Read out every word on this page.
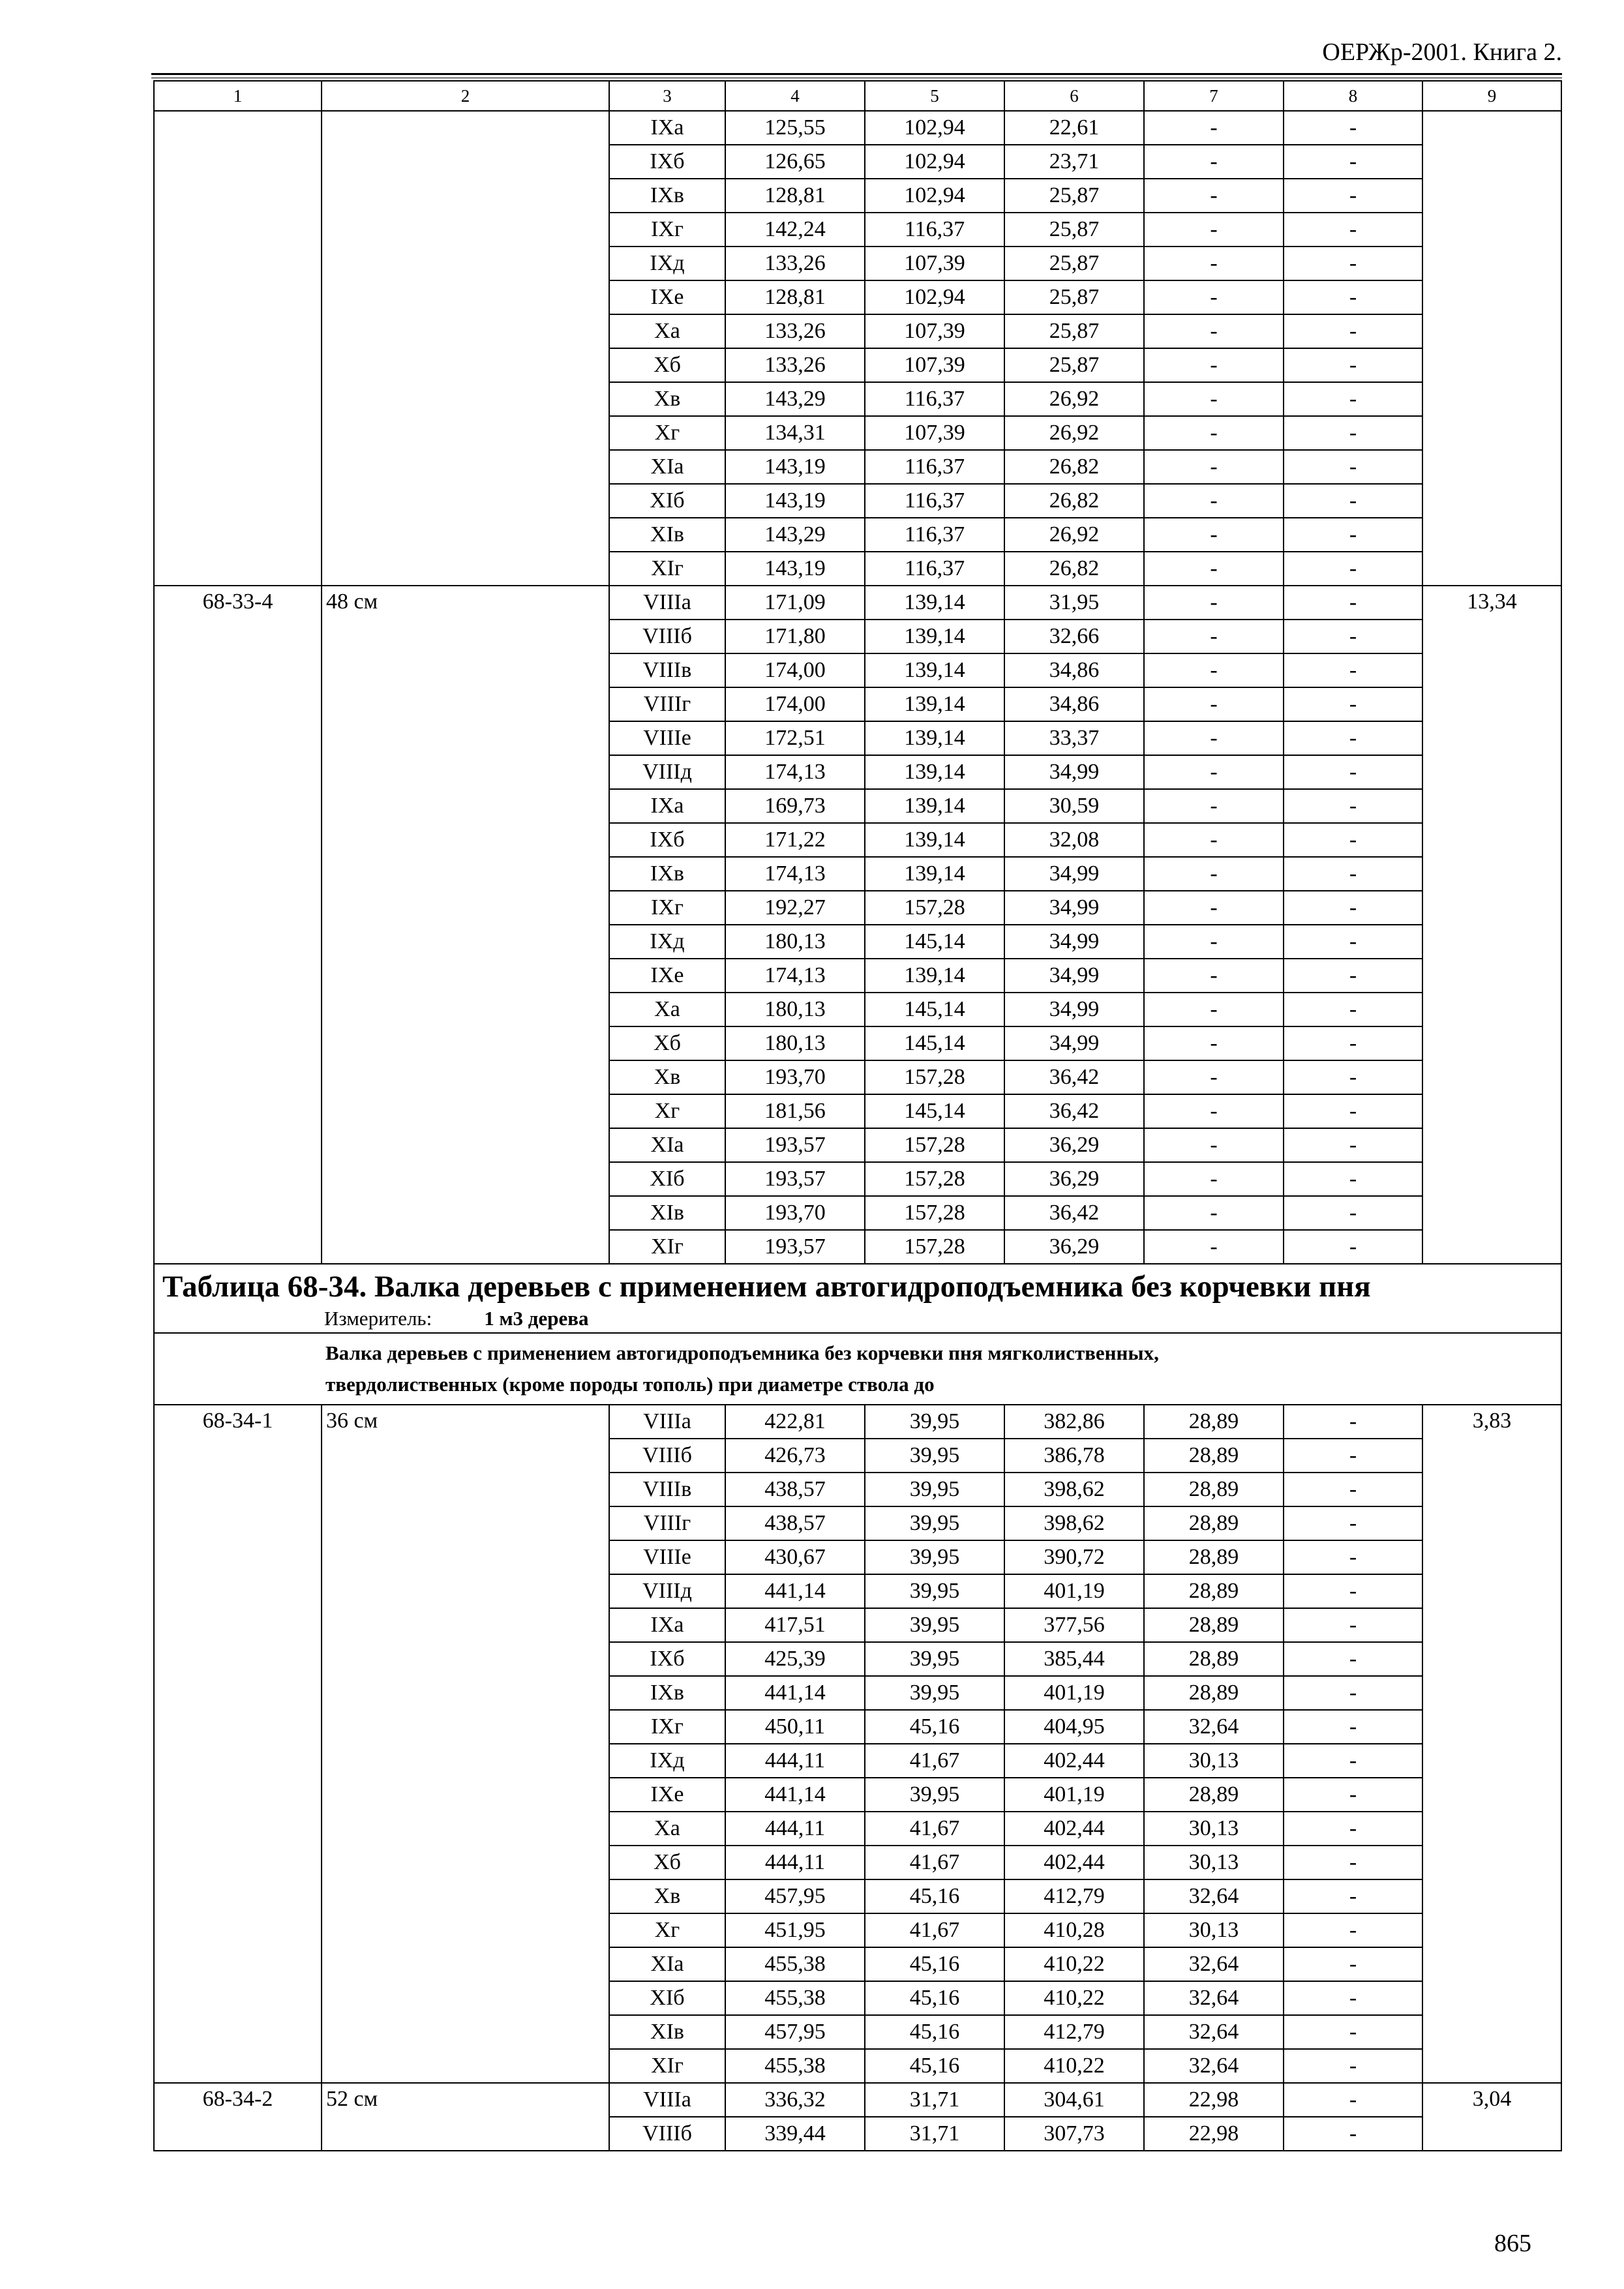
ОЕРЖр-2001. Книга 2.
1	2	3	4	5	6	7	8	9
		IXа	125,55	102,94	22,61	-	-	
		IXб	126,65	102,94	23,71	-	-	
		IXв	128,81	102,94	25,87	-	-	
		IXг	142,24	116,37	25,87	-	-	
		IXд	133,26	107,39	25,87	-	-	
		IXе	128,81	102,94	25,87	-	-	
		Xа	133,26	107,39	25,87	-	-	
		Xб	133,26	107,39	25,87	-	-	
		Xв	143,29	116,37	26,92	-	-	
		Xг	134,31	107,39	26,92	-	-	
		XIа	143,19	116,37	26,82	-	-	
		XIб	143,19	116,37	26,82	-	-	
		XIв	143,29	116,37	26,92	-	-	
		XIг	143,19	116,37	26,82	-	-	
68-33-4	48 см	VIIIа	171,09	139,14	31,95	-	-	13,34
		VIIIб	171,80	139,14	32,66	-	-	
		VIIIв	174,00	139,14	34,86	-	-	
		VIIIг	174,00	139,14	34,86	-	-	
		VIIIе	172,51	139,14	33,37	-	-	
		VIIIд	174,13	139,14	34,99	-	-	
		IXа	169,73	139,14	30,59	-	-	
		IXб	171,22	139,14	32,08	-	-	
		IXв	174,13	139,14	34,99	-	-	
		IXг	192,27	157,28	34,99	-	-	
		IXд	180,13	145,14	34,99	-	-	
		IXе	174,13	139,14	34,99	-	-	
		Xа	180,13	145,14	34,99	-	-	
		Xб	180,13	145,14	34,99	-	-	
		Xв	193,70	157,28	36,42	-	-	
		Xг	181,56	145,14	36,42	-	-	
		XIа	193,57	157,28	36,29	-	-	
		XIб	193,57	157,28	36,29	-	-	
		XIв	193,70	157,28	36,42	-	-	
		XIг	193,57	157,28	36,29	-	-	

Таблица 68-34. Валка деревьев с применением автогидроподъемника без корчевки пня
Измеритель: 1 м3 дерева								

Валка деревьев с применением автогидроподъемника без корчевки пня мягколиственных,
твердолиственных (кроме породы тополь) при диаметре ствола до								

68-34-1	36 см	VIIIа	422,81	39,95	382,86	28,89	-	3,83
		VIIIб	426,73	39,95	386,78	28,89	-	
		VIIIв	438,57	39,95	398,62	28,89	-	
		VIIIг	438,57	39,95	398,62	28,89	-	
		VIIIе	430,67	39,95	390,72	28,89	-	
		VIIIд	441,14	39,95	401,19	28,89	-	
		IXа	417,51	39,95	377,56	28,89	-	
		IXб	425,39	39,95	385,44	28,89	-	
		IXв	441,14	39,95	401,19	28,89	-	
		IXг	450,11	45,16	404,95	32,64	-	
		IXд	444,11	41,67	402,44	30,13	-	
		IXе	441,14	39,95	401,19	28,89	-	
		Xа	444,11	41,67	402,44	30,13	-	
		Xб	444,11	41,67	402,44	30,13	-	
		Xв	457,95	45,16	412,79	32,64	-	
		Xг	451,95	41,67	410,28	30,13	-	
		XIа	455,38	45,16	410,22	32,64	-	
		XIб	455,38	45,16	410,22	32,64	-	
		XIв	457,95	45,16	412,79	32,64	-	
		XIг	455,38	45,16	410,22	32,64	-	
68-34-2	52 см	VIIIа	336,32	31,71	304,61	22,98	-	3,04
		VIIIб	339,44	31,71	307,73	22,98	-	
865
